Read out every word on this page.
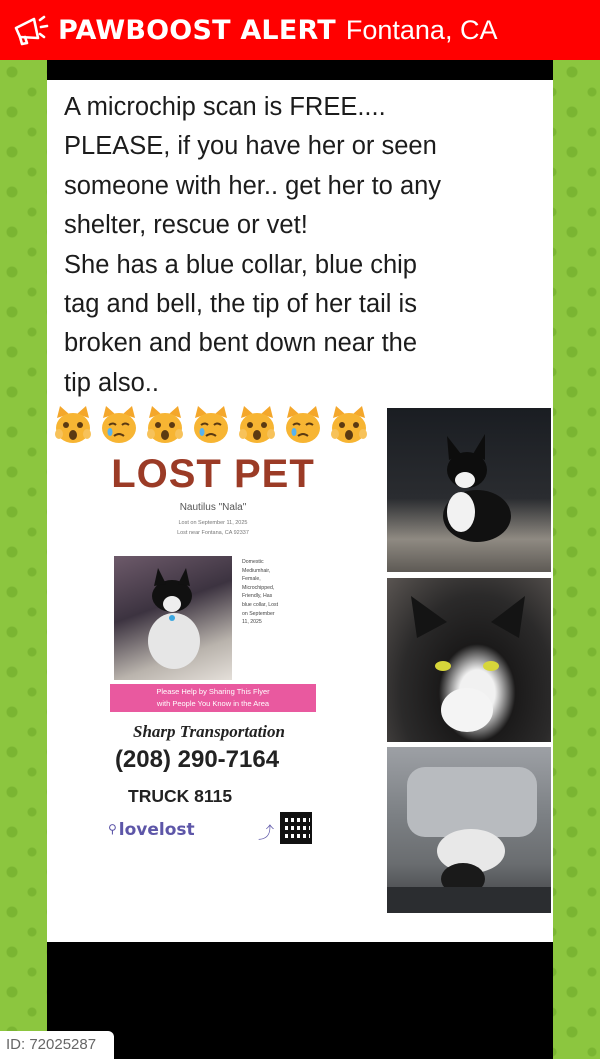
PAWBOOST ALERT Fontana, CA

A microchip scan is FREE....
PLEASE, if you have her or seen
someone with her.. get her to any
shelter, rescue or vet!
She has a blue collar, blue chip
tag and bell, the tip of her tail is
broken and bent down near the
tip also..

LOST PET
Nautilus "Nala"
Lost on September 11, 2025
Lost near Fontana, CA 92337
Domestic
Mediumhair,
Female,
Microchipped,
Friendly, Has
blue collar, Lost
on September
11, 2025
Please Help by Sharing This Flyer
with People You Know in the Area
Sharp Transportation
(208) 290-7164
TRUCK 8115
⚲ lovelost	⤴
ID: 72025287
